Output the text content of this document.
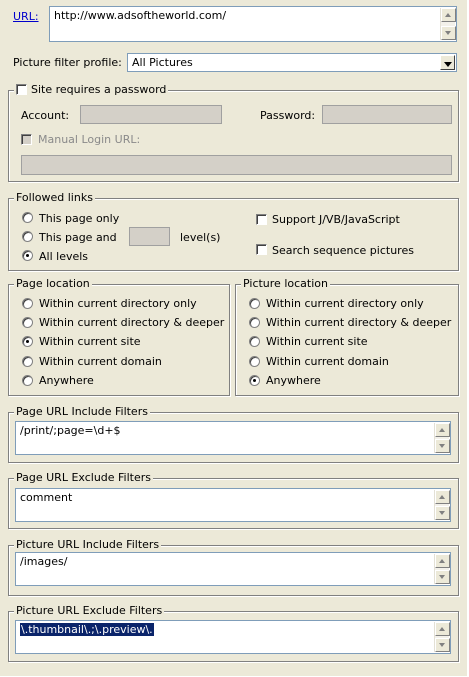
URL: http://www.adsoftheworld.com/
Picture filter profile: All Pictures
Site requires a password
Account:	Password:
Manual Login URL:
Followed links
This page only
This page and	level(s)
All levels
Support J/VB/JavaScript
Search sequence pictures
Page location
Within current directory only
Within current directory & deeper
Within current site
Within current domain
Anywhere
Picture location
Within current directory only
Within current directory & deeper
Within current site
Within current domain
Anywhere
Page URL Include Filters
/print/;page=\d+$
Page URL Exclude Filters
comment
Picture URL Include Filters
/images/
Picture URL Exclude Filters
\.thumbnail\.;\.preview\.
